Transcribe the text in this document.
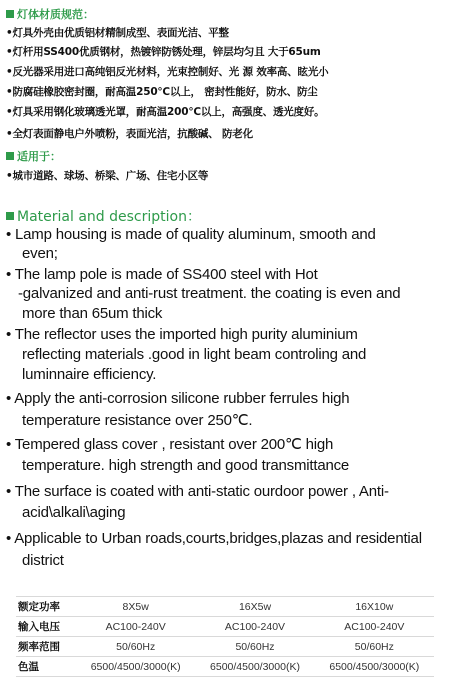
灯体材质规范：
•灯具外壳由优质铝材精制成型、表面光洁、平整
•灯杆用SS400优质钢材，热镀锌防锈处理，锌层均匀且 大于65um
•反光器采用进口高纯铝反光材料，光束控制好、光 源 效率高、眩光小
•防腐硅橡胶密封圈，耐高温250℃以上， 密封性能好，防水、防尘
•灯具采用钢化玻璃透光罩，耐高温200℃以上，高强度、透光度好。
•全灯表面静电户外喷粉，表面光洁，抗酸碱、 防老化
适用于：
•城市道路、球场、桥梁、广场、住宅小区等
Material and description：
• Lamp housing is made of quality aluminum, smooth and
even;
• The lamp pole is made of SS400 steel with Hot
-galvanized and anti-rust treatment. the coating is even and
more than 65um thick
• The reflector uses the imported high purity aluminium
reflecting materials .good in light beam controling and
luminnaire efficiency.
• Apply the anti-corrosion silicone rubber ferrules high
temperature resistance over 250℃.
• Tempered glass cover , resistant over 200℃ high
temperature. high strength and good transmittance
• The surface is coated with anti-static ourdoor power , Anti-
acid\alkali\aging
• Applicable to Urban roads,courts,bridges,plazas and residential
district
额定功率	8X5w	16X5w	16X10w
输入电压	AC100-240V	AC100-240V	AC100-240V
频率范围	50/60Hz	50/60Hz	50/60Hz
色温	6500/4500/3000(K)	6500/4500/3000(K)	6500/4500/3000(K)
